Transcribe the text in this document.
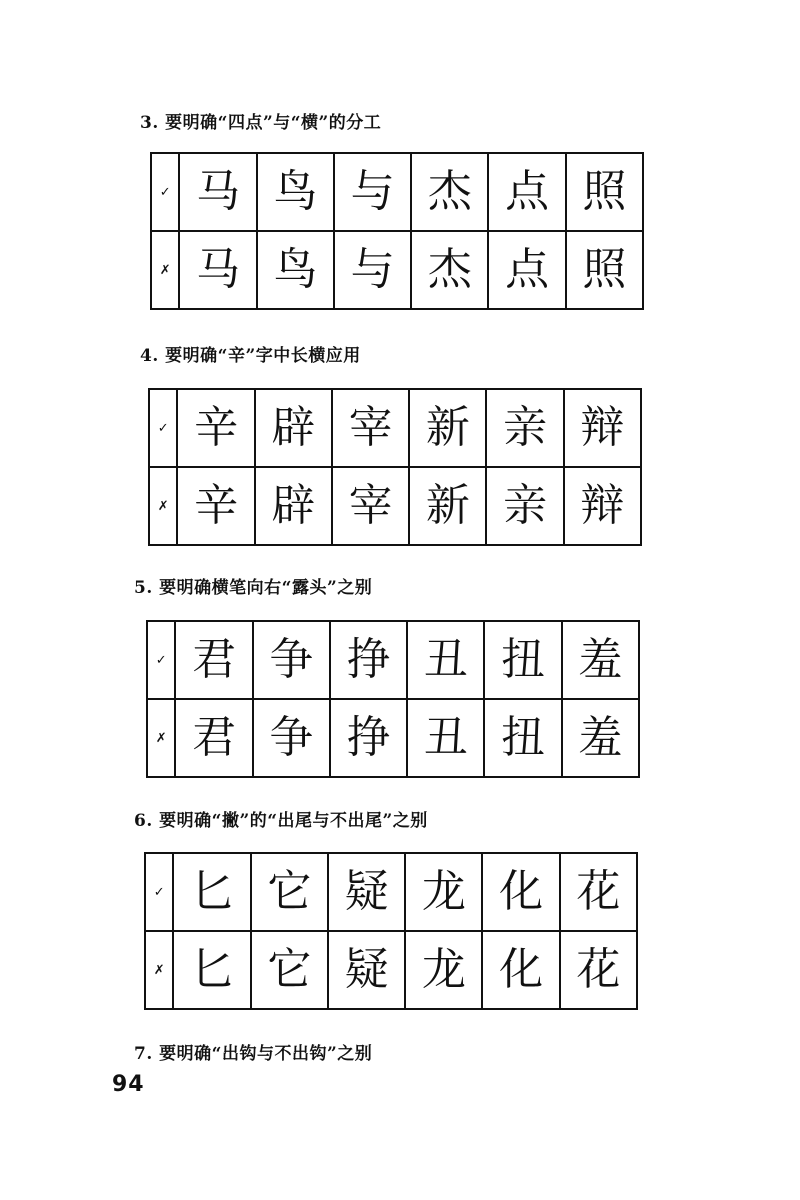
3. 要明确“四点”与“横”的分工
✓	马	鸟	与	杰	点	照
✗	马	鸟	与	杰	点	照
4. 要明确“辛”字中长横应用
✓	辛	辟	宰	新	亲	辩
✗	辛	辟	宰	新	亲	辩
5. 要明确横笔向右“露头”之别
✓	君	争	挣	丑	扭	羞
✗	君	争	挣	丑	扭	羞
6. 要明确“撇”的“出尾与不出尾”之别
✓	匕	它	疑	龙	化	花
✗	匕	它	疑	龙	化	花
7. 要明确“出钩与不出钩”之别

94
